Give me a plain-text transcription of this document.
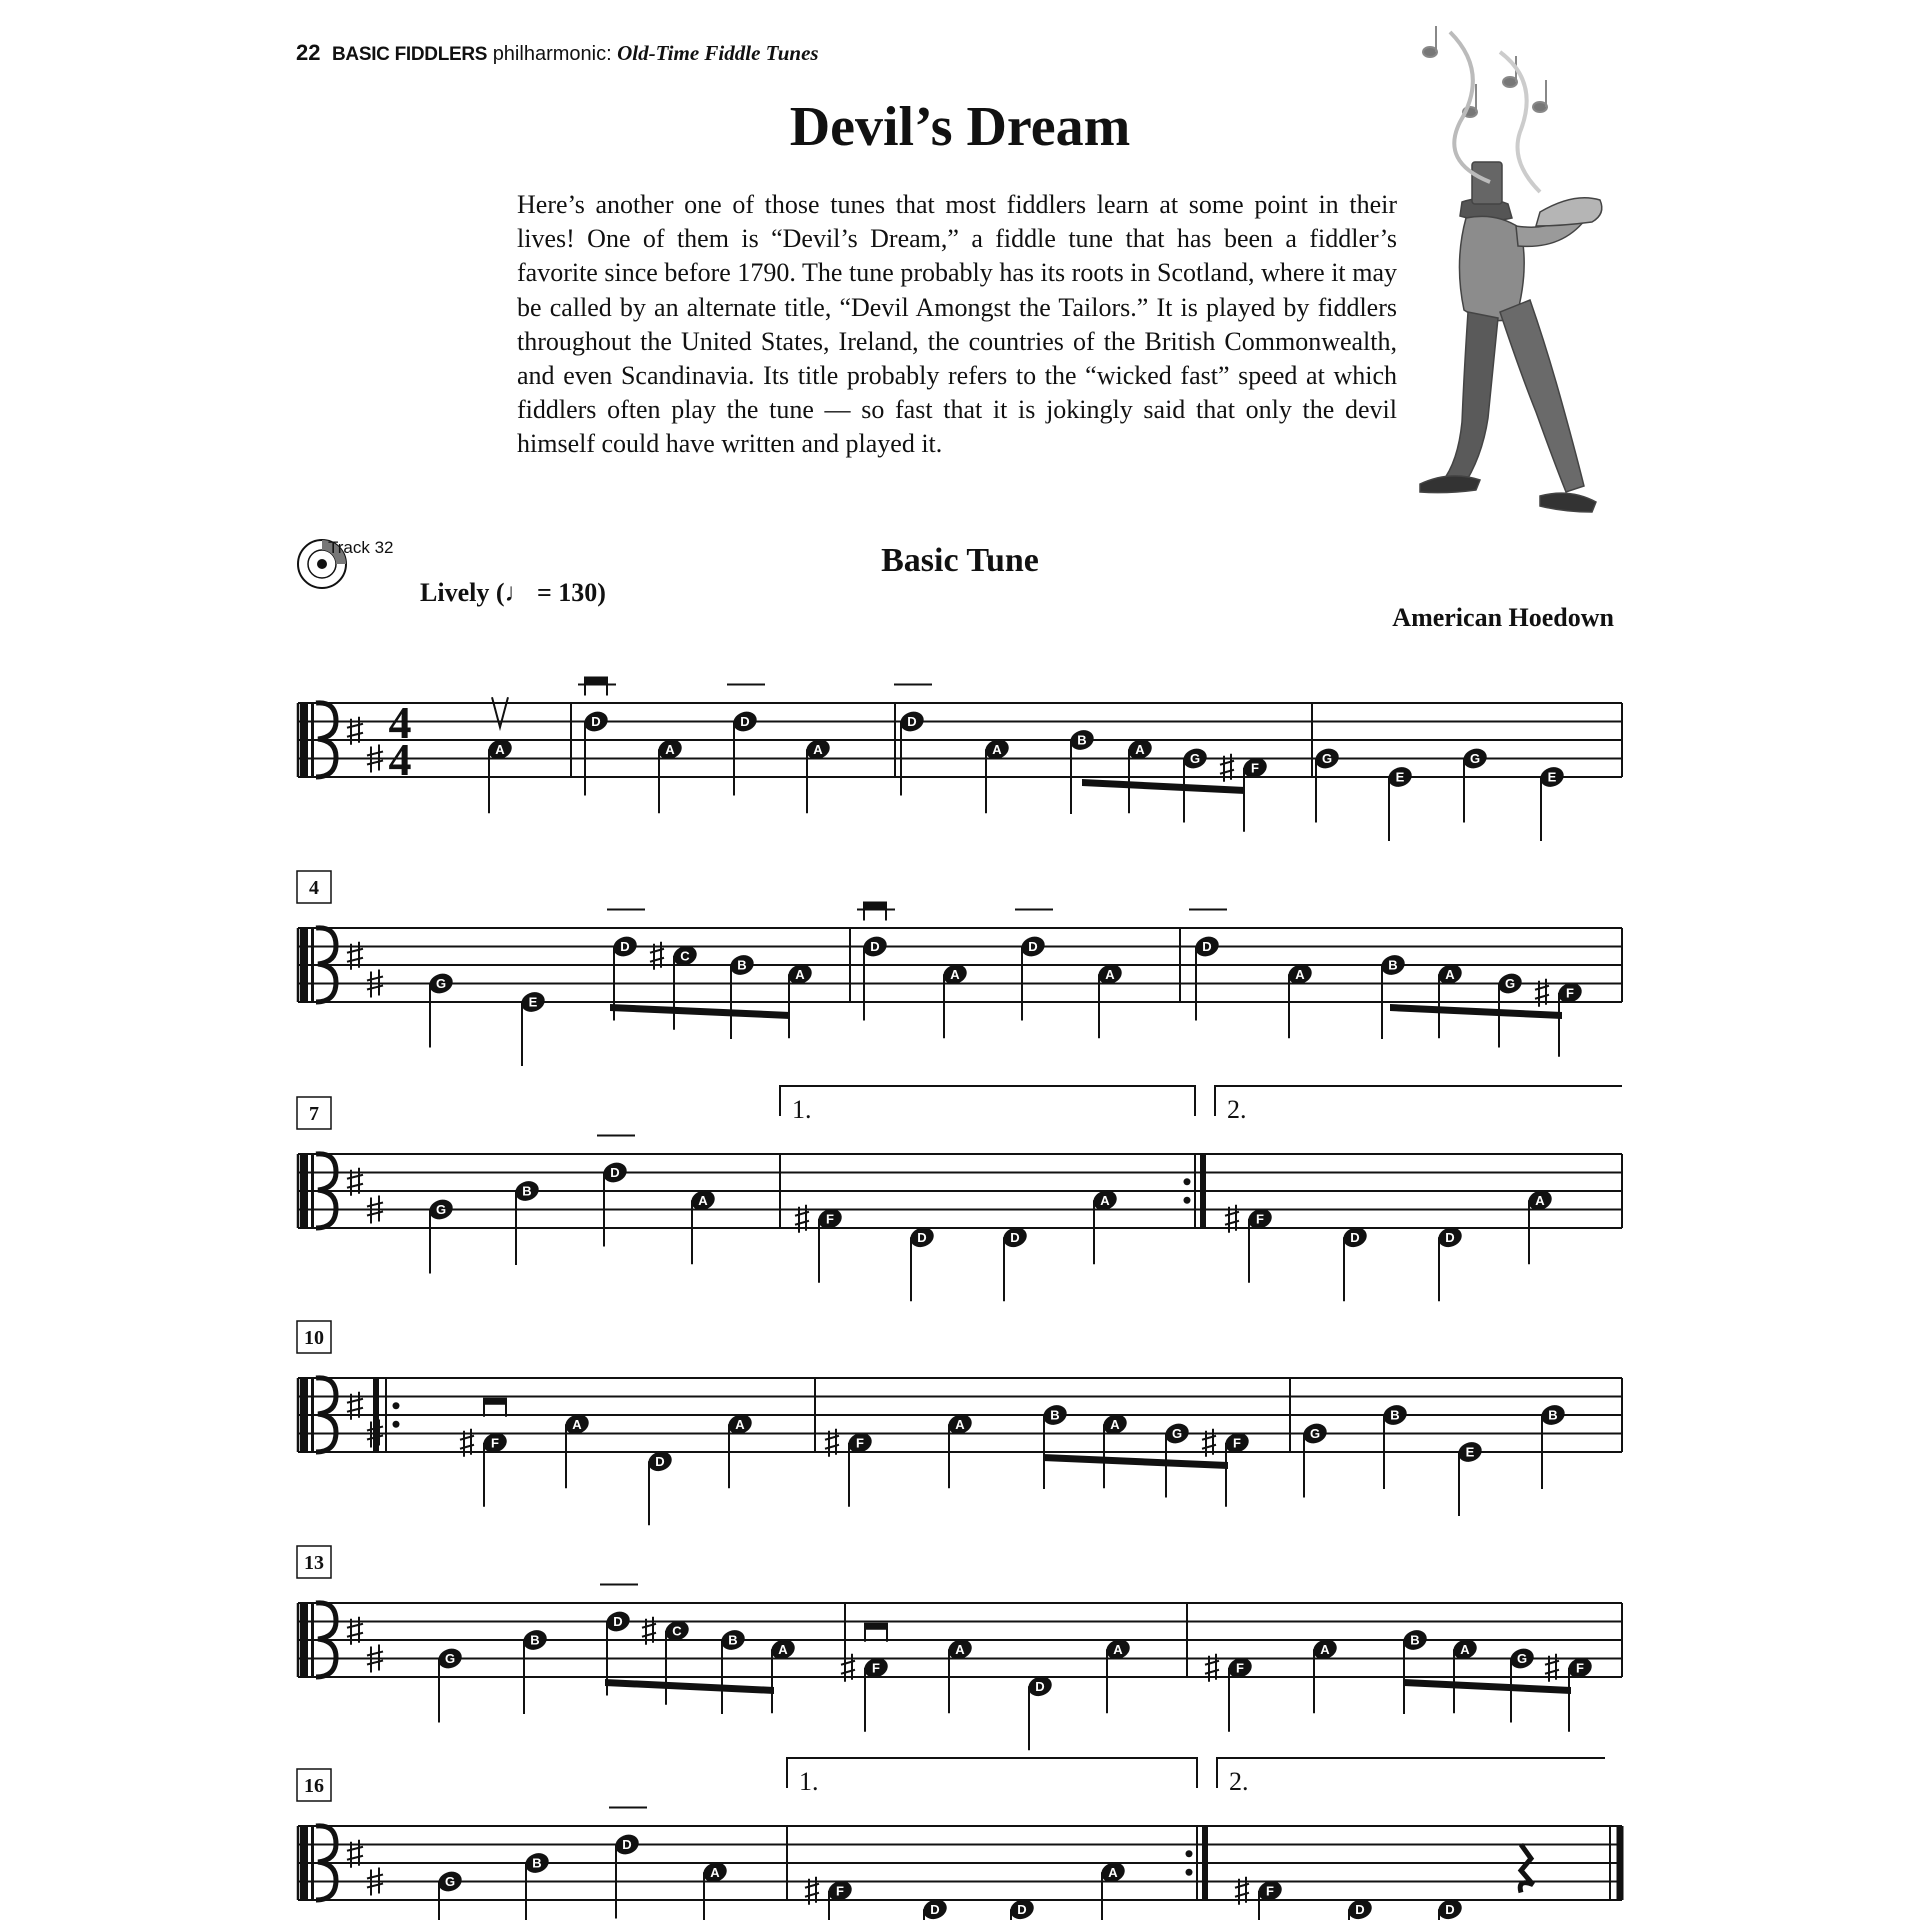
22 BASIC FIDDLERS philharmonic: Old-Time Fiddle Tunes
Devil’s Dream

Here’s another one of those tunes that most fiddlers learn at some point in their lives! One of them is “Devil’s Dream,” a fiddle tune that has been a fiddler’s favorite since before 1790. The tune probably has its roots in Scotland, where it may be called by an alternate title, “Devil Amongst the Tailors.” It is played by fiddlers throughout the United States, Ireland, the countries of the British Commonwealth, and even Scandinavia. Its title probably refers to the “wicked fast” speed at which fiddlers often play the tune — so fast that it is jokingly said that only the devil himself could have written and played it.

Track 32	Basic Tune
Lively (♩ = 130)
American Hoedown
4
4	A
D
A
D
A
D
A
B
A
G
F
G
E
G
E
4
G
E
D
C
B
A
D
A
D
A
D
A
B
A
G
F
7	1.	2.
G
B
D
A
F
D	D
A
F
D	D
A
10
F
A
D
A
F
A
B
A
G
F
G
B
E
B
13
G
B
D
C
B
A
F
A
D
A
F
A
B
A
G
F
16	1.	2.
G
B
D
A
F
D	D
A
F
D	D
